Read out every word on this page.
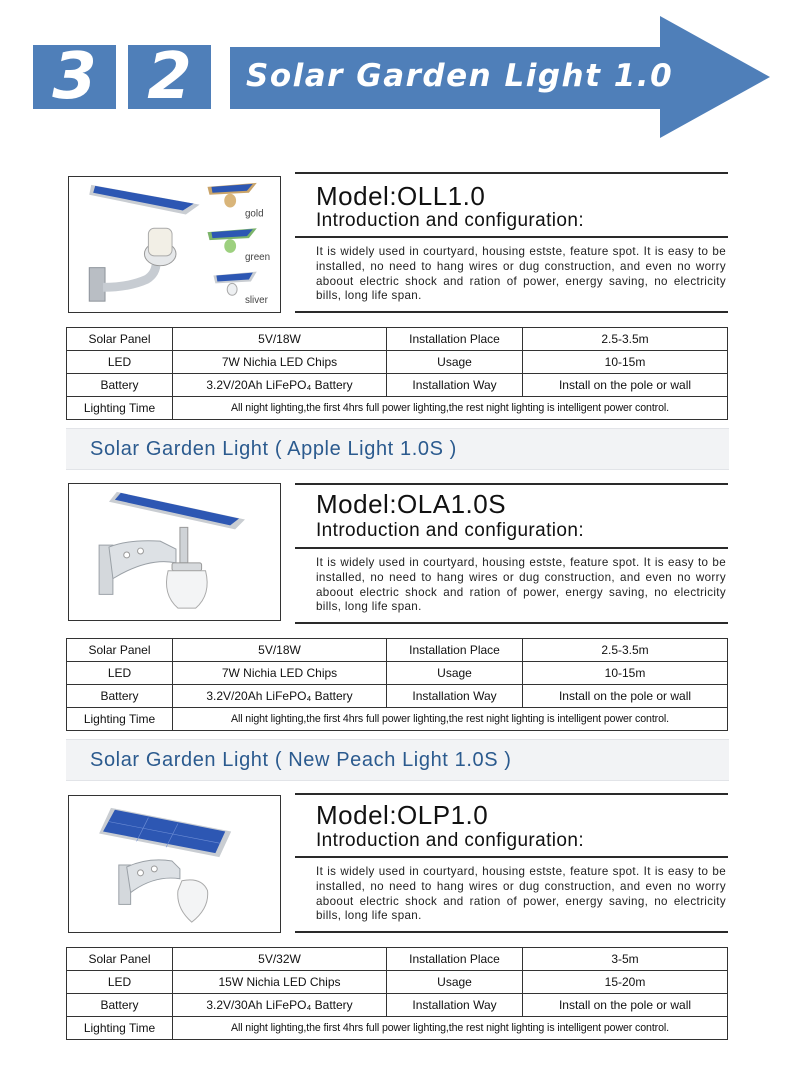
3 2	Solar Garden Light 1.0
gold
green
sliver
Model:OLL1.0
Introduction and configuration:
It is widely used in courtyard, housing estste, feature spot. It is easy to be installed, no need to hang wires or dug construction, and even no worry aboout electric shock and ration of power, energy saving, no electricity bills, long life span.
Solar Panel	5V/18W	Installation Place	2.5-3.5m
LED	7W Nichia LED Chips	Usage	10-15m
Battery	3.2V/20Ah LiFePO₄ Battery	Installation Way	Install on the pole or wall
Lighting Time	All night lighting,the first 4hrs full power lighting,the rest night lighting is intelligent power control.		
Solar Garden Light ( Apple Light 1.0S )
Model:OLA1.0S
Introduction and configuration:
It is widely used in courtyard, housing estste, feature spot. It is easy to be installed, no need to hang wires or dug construction, and even no worry aboout electric shock and ration of power, energy saving, no electricity bills, long life span.
Solar Panel	5V/18W	Installation Place	2.5-3.5m
LED	7W Nichia LED Chips	Usage	10-15m
Battery	3.2V/20Ah LiFePO₄ Battery	Installation Way	Install on the pole or wall
Lighting Time	All night lighting,the first 4hrs full power lighting,the rest night lighting is intelligent power control.		
Solar Garden Light ( New Peach Light 1.0S )
Model:OLP1.0
Introduction and configuration:
It is widely used in courtyard, housing estste, feature spot. It is easy to be installed, no need to hang wires or dug construction, and even no worry aboout electric shock and ration of power, energy saving, no electricity bills, long life span.
Solar Panel	5V/32W	Installation Place	3-5m
LED	15W Nichia LED Chips	Usage	15-20m
Battery	3.2V/30Ah LiFePO₄ Battery	Installation Way	Install on the pole or wall
Lighting Time	All night lighting,the first 4hrs full power lighting,the rest night lighting is intelligent power control.		
